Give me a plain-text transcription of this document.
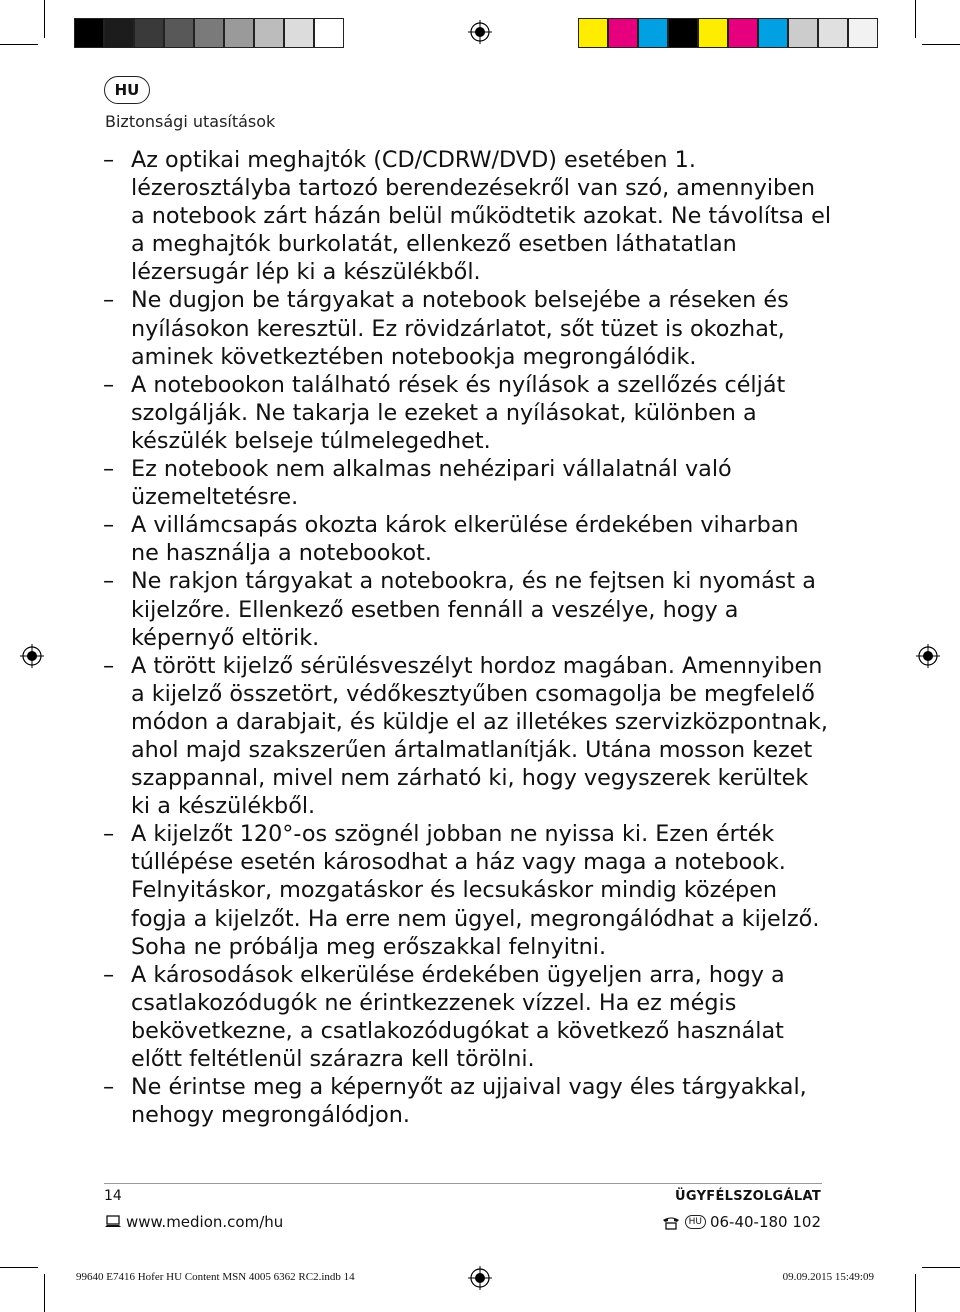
HU
Biztonsági utasítások
– Az optikai meghajtók (CD/CDRW/DVD) esetében 1. lézerosztályba tartozó berendezésekről van szó, amennyiben a notebook zárt házán belül működtetik azokat. Ne távolítsa el a meghajtók burkolatát, ellenkező esetben láthatatlan lézersugár lép ki a készülékből.
– Ne dugjon be tárgyakat a notebook belsejébe a réseken és nyílásokon keresztül. Ez rövidzárlatot, sőt tüzet is okozhat, aminek következtében notebookja megrongálódik.
– A notebookon található rések és nyílások a szellőzés célját szolgálják. Ne takarja le ezeket a nyílásokat, különben a készülék belseje túlmelegedhet.
– Ez notebook nem alkalmas nehézipari vállalatnál való üzemeltetésre.
– A villámcsapás okozta károk elkerülése érdekében viharban ne használja a notebookot.
– Ne rakjon tárgyakat a notebookra, és ne fejtsen ki nyomást a kijelzőre. Ellenkező esetben fennáll a veszélye, hogy a képernyő eltörik.
– A törött kijelző sérülésveszélyt hordoz magában. Amennyiben a kijelző összetört, védőkesztyűben csomagolja be megfelelő módon a darabjait, és küldje el az illetékes szervizközpontnak, ahol majd szakszerűen ártalmatlanítják. Utána mosson kezet szappannal, mivel nem zárható ki, hogy vegyszerek kerültek ki a készülékből.
– A kijelzőt 120°-os szögnél jobban ne nyissa ki. Ezen érték túllépése esetén károsodhat a ház vagy maga a notebook. Felnyitáskor, mozgatáskor és lecsukáskor mindig középen fogja a kijelzőt. Ha erre nem ügyel, megrongálódhat a kijelző. Soha ne próbálja meg erőszakkal felnyitni.
– A károsodások elkerülése érdekében ügyeljen arra, hogy a csatlakozódugók ne érintkezzenek vízzel. Ha ez mégis bekövetkezne, a csatlakozódugókat a következő használat előtt feltétlenül szárazra kell törölni.
– Ne érintse meg a képernyőt az ujjaival vagy éles tárgyakkal, nehogy megrongálódjon.
14	ÜGYFÉLSZOLGÁLAT
www.medion.com/hu	HU 06-40-180 102
99640 E7416 Hofer HU Content MSN 4005 6362 RC2.indb 14	09.09.2015 15:49:09
